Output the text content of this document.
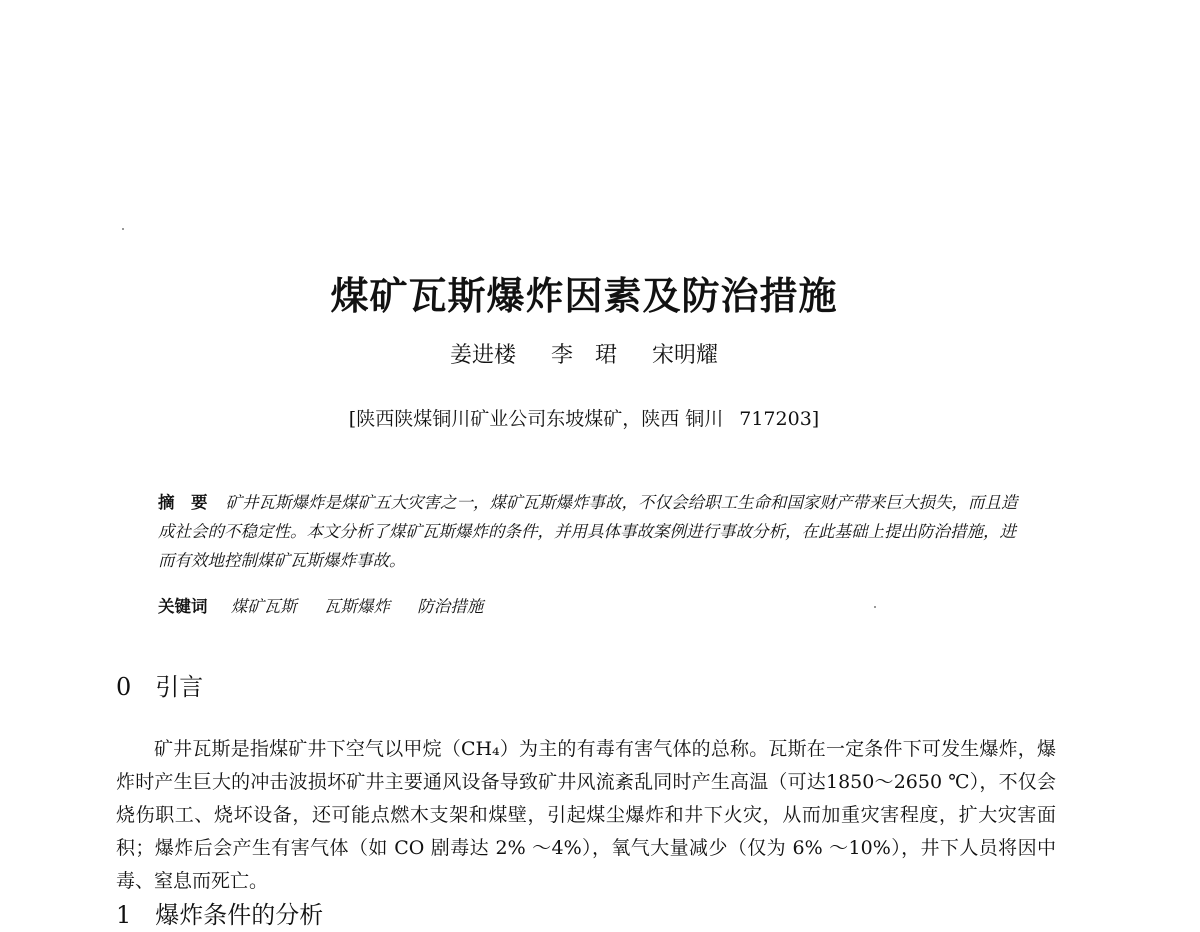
煤矿瓦斯爆炸因素及防治措施
姜进楼 李　珺 宋明耀
[陕西陕煤铜川矿业公司东坡煤矿，陕西 铜川 717203]
摘　要 矿井瓦斯爆炸是煤矿五大灾害之一，煤矿瓦斯爆炸事故，不仅会给职工生命和国家财产带来巨大损失，而且造成社会的不稳定性。本文分析了煤矿瓦斯爆炸的条件，并用具体事故案例进行事故分析，在此基础上提出防治措施，进而有效地控制煤矿瓦斯爆炸事故。
关键词 煤矿瓦斯 瓦斯爆炸 防治措施
0 引言

矿井瓦斯是指煤矿井下空气以甲烷（CH₄）为主的有毒有害气体的总称。瓦斯在一定条件下可发生爆炸，爆炸时产生巨大的冲击波损坏矿井主要通风设备导致矿井风流紊乱同时产生高温（可达1850～2650 ℃），不仅会烧伤职工、烧坏设备，还可能点燃木支架和煤壁，引起煤尘爆炸和井下火灾，从而加重灾害程度，扩大灾害面积；爆炸后会产生有害气体（如 CO 剧毒达 2% ～4%），氧气大量减少（仅为 6% ～10%），井下人员将因中毒、窒息而死亡。

1 爆炸条件的分析
